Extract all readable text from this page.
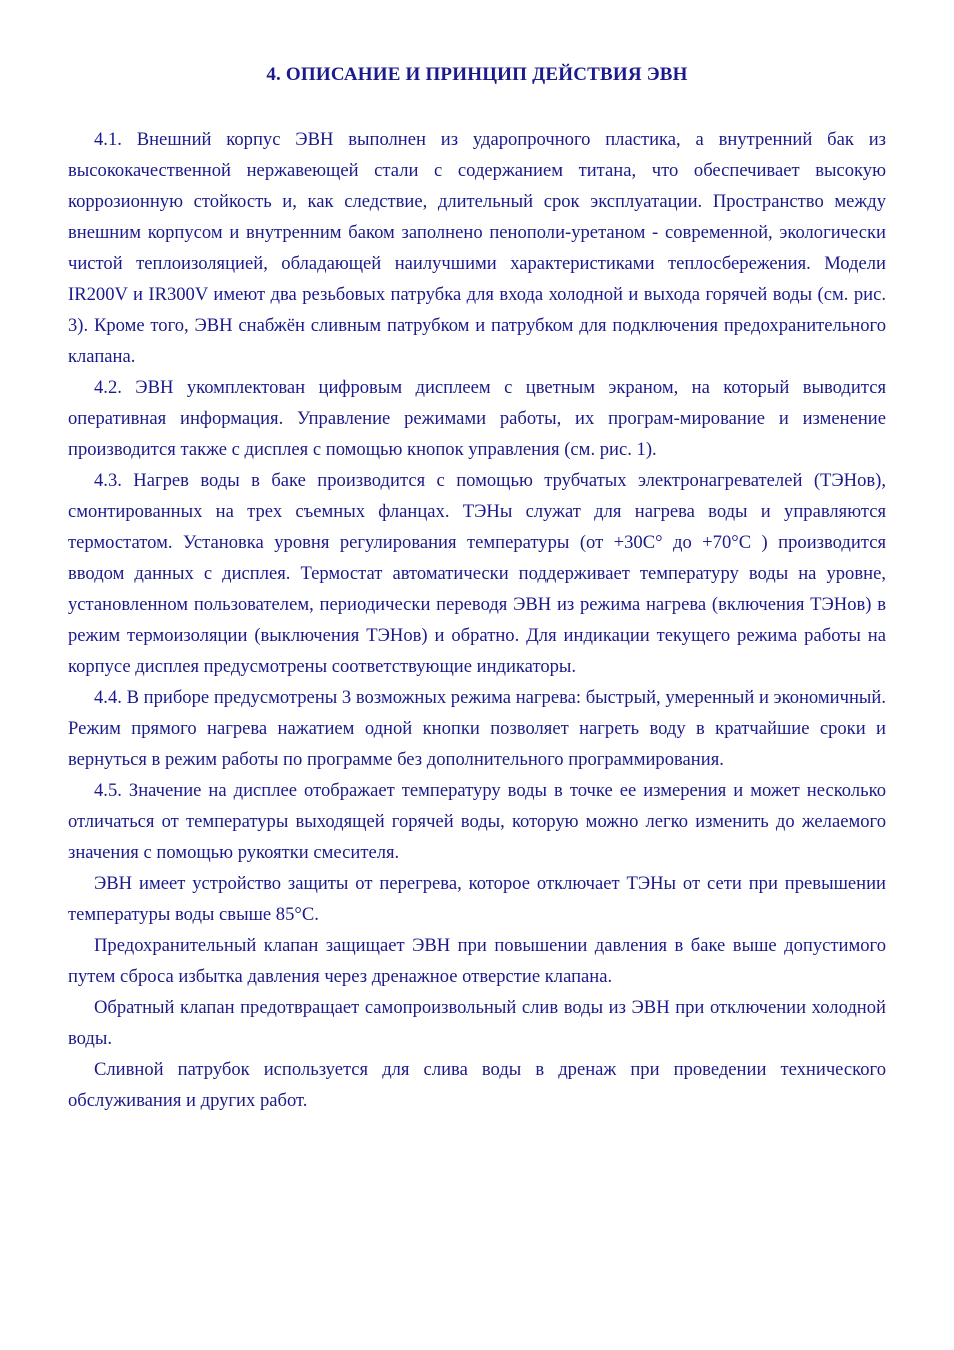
4. ОПИСАНИЕ И ПРИНЦИП ДЕЙСТВИЯ ЭВН

4.1. Внешний корпус ЭВН выполнен из ударопрочного пластика, а внутренний бак из высококачественной нержавеющей стали с содержанием титана, что обеспечивает высокую коррозионную стойкость и, как следствие, длительный срок эксплуатации. Пространство между внешним корпусом и внутренним баком заполнено пенополи-уретаном - современной, экологически чистой теплоизоляцией, обладающей наилучшими характеристиками теплосбережения. Модели IR200V и IR300V имеют два резьбовых патрубка для входа холодной и выхода горячей воды (см. рис. 3). Кроме того, ЭВН снабжён сливным патрубком и патрубком для подключения предохранительного клапана.

4.2. ЭВН укомплектован цифровым дисплеем с цветным экраном, на который выводится оперативная информация. Управление режимами работы, их програм-мирование и изменение производится также с дисплея с помощью кнопок управления (см. рис. 1).

4.3. Нагрев воды в баке производится с помощью трубчатых электронагревателей (ТЭНов), смонтированных на трех съемных фланцах. ТЭНы служат для нагрева воды и управляются термостатом. Установка уровня регулирования температуры (от +30С° до +70°С ) производится вводом данных с дисплея. Термостат автоматически поддерживает температуру воды на уровне, установленном пользователем, периодически переводя ЭВН из режима нагрева (включения ТЭНов) в режим термоизоляции (выключения ТЭНов) и обратно. Для индикации текущего режима работы на корпусе дисплея предусмотрены соответствующие индикаторы.

4.4. В приборе предусмотрены 3 возможных режима нагрева: быстрый, умеренный и экономичный. Режим прямого нагрева нажатием одной кнопки позволяет нагреть воду в кратчайшие сроки и вернуться в режим работы по программе без дополнительного программирования.

4.5. Значение на дисплее отображает температуру воды в точке ее измерения и может несколько отличаться от температуры выходящей горячей воды, которую можно легко изменить до желаемого значения с помощью рукоятки смесителя.

ЭВН имеет устройство защиты от перегрева, которое отключает ТЭНы от сети при превышении температуры воды свыше 85°С.

Предохранительный клапан защищает ЭВН при повышении давления в баке выше допустимого путем сброса избытка давления через дренажное отверстие клапана.

Обратный клапан предотвращает самопроизвольный слив воды из ЭВН при отключении холодной воды.

Сливной патрубок используется для слива воды в дренаж при проведении технического обслуживания и других работ.
